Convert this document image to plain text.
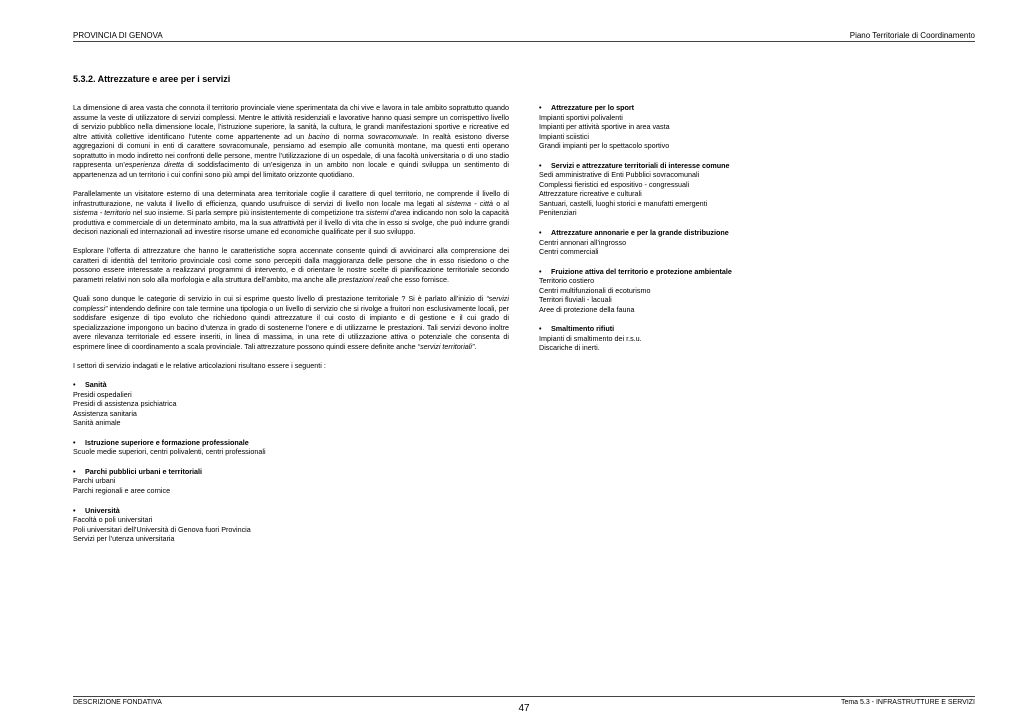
PROVINCIA DI GENOVA	Piano Territoriale di Coordinamento
5.3.2. Attrezzature e aree per i servizi

La dimensione di area vasta che connota il territorio provinciale viene sperimentata da chi vive e lavora in tale ambito soprattutto quando assume la veste di utilizzatore di servizi complessi. Mentre le attività residenziali e lavorative hanno quasi sempre un corrispettivo livello di servizio pubblico nella dimensione locale, l’istruzione superiore, la sanità, la cultura, le grandi manifestazioni sportive e ricreative ed altre attività collettive identificano l’utente come appartenente ad un bacino di norma sovracomunale. In realtà esistono diverse aggregazioni di comuni in enti di carattere sovracomunale, pensiamo ad esempio alle comunità montane, ma questi enti operano soprattutto in modo indiretto nei confronti delle persone, mentre l’utilizzazione di un ospedale, di una facoltà universitaria o di uno stadio rappresenta un’esperienza diretta di soddisfacimento di un’esigenza in un ambito non locale e quindi sviluppa un sentimento di appartenenza ad un territorio i cui confini sono più ampi del limitato orizzonte quotidiano.

Parallelamente un visitatore esterno di una determinata area territoriale coglie il carattere di quel territorio, ne comprende il livello di infrastrutturazione, ne valuta il livello di efficienza, quando usufruisce di servizi di livello non locale ma legati al sistema - città o al sistema - territorio nel suo insieme. Si parla sempre più insistentemente di competizione tra sistemi d’area indicando non solo la capacità produttiva e commerciale di un determinato ambito, ma la sua attrattività per il livello di vita che in esso si svolge, che può indurre grandi decisori nazionali ed internazionali ad investire risorse umane ed economiche qualificate per il suo sviluppo.

Esplorare l’offerta di attrezzature che hanno le caratteristiche sopra accennate consente quindi di avvicinarci alla comprensione dei caratteri di identità del territorio provinciale così come sono percepiti dalla maggioranza delle persone che in esso risiedono o che possono essere interessate a realizzarvi programmi di intervento, e di orientare le nostre scelte di pianificazione territoriale secondo parametri relativi non solo alla morfologia e alla struttura dell’ambito, ma anche alle prestazioni reali che esso fornisce.

Quali sono dunque le categorie di servizio in cui si esprime questo livello di prestazione territoriale ? Si è parlato all’inizio di “servizi complessi” intendendo definire con tale termine una tipologia o un livello di servizio che si rivolge a fruitori non esclusivamente locali, per soddisfare esigenze di tipo evoluto che richiedono quindi attrezzature il cui costo di impianto e di gestione e il cui grado di specializzazione impongono un bacino d’utenza in grado di sostenerne l’onere e di utilizzarne le prestazioni. Tali servizi devono inoltre avere rilevanza territoriale ed essere inseriti, in linea di massima, in una rete di utilizzazione attiva o potenziale che consenta di esprimere linee di coordinamento a scala provinciale. Tali attrezzature possono quindi essere definite anche “servizi territoriali”.

I settori di servizio indagati e le relative articolazioni risultano essere i seguenti :

• Sanità
Presidi ospedalieri
Presidi di assistenza psichiatrica
Assistenza sanitaria
Sanità animale
• Istruzione superiore e formazione professionale
Scuole medie superiori, centri polivalenti, centri professionali
• Parchi pubblici urbani e territoriali
Parchi urbani
Parchi regionali e aree cornice
• Università
Facoltà o poli universitari
Poli universitari dell’Università di Genova fuori Provincia
Servizi per l’utenza universitaria
• Attrezzature per lo sport
Impianti sportivi polivalenti
Impianti per attività sportive in area vasta
Impianti sciistici
Grandi impianti per lo spettacolo sportivo
• Servizi e attrezzature territoriali di interesse comune
Sedi amministrative di Enti Pubblici sovracomunali
Complessi fieristici ed espositivo - congressuali
Attrezzature ricreative e culturali
Santuari, castelli, luoghi storici e manufatti emergenti
Penitenziari
• Attrezzature annonarie e per la grande distribuzione
Centri annonari all’ingrosso
Centri commerciali
• Fruizione attiva del territorio e protezione ambientale
Territorio costiero
Centri multifunzionali di ecoturismo
Territori fluviali - lacuali
Aree di protezione della fauna
• Smaltimento rifiuti
Impianti di smaltimento dei r.s.u.
Discariche di inerti.
DESCRIZIONE FONDATIVA
47
Tema 5.3 - INFRASTRUTTURE E SERVIZI
